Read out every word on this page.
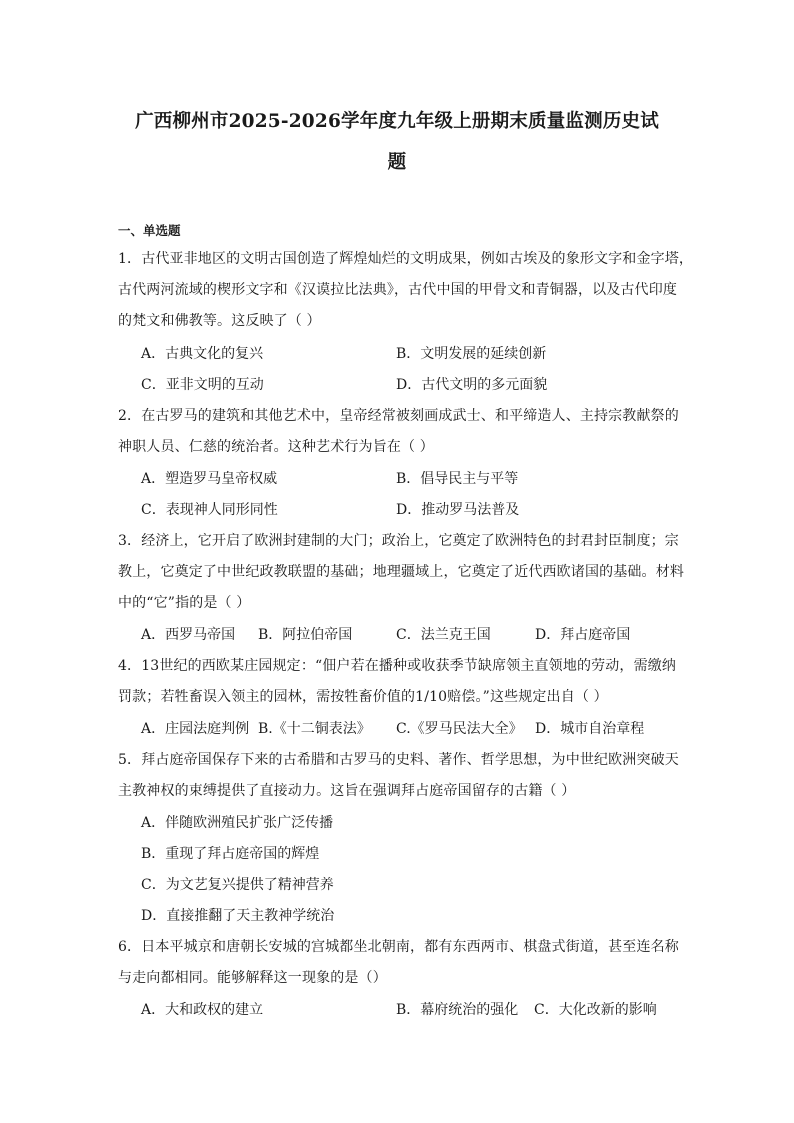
广西柳州市2025-2026学年度九年级上册期末质量监测历史试
题
一、单选题
1．古代亚非地区的文明古国创造了辉煌灿烂的文明成果，例如古埃及的象形文字和金字塔，
古代两河流域的楔形文字和《汉谟拉比法典》，古代中国的甲骨文和青铜器，以及古代印度
的梵文和佛教等。这反映了（ ）
A．古典文化的复兴	B．文明发展的延续创新
C．亚非文明的互动	D．古代文明的多元面貌
2．在古罗马的建筑和其他艺术中，皇帝经常被刻画成武士、和平缔造人、主持宗教献祭的
神职人员、仁慈的统治者。这种艺术行为旨在（ ）
A．塑造罗马皇帝权威	B．倡导民主与平等
C．表现神人同形同性	D．推动罗马法普及
3．经济上，它开启了欧洲封建制的大门；政治上，它奠定了欧洲特色的封君封臣制度；宗
教上，它奠定了中世纪政教联盟的基础；地理疆域上，它奠定了近代西欧诸国的基础。材料
中的“它”指的是（ ）
A．西罗马帝国 B．阿拉伯帝国	C．法兰克王国	D．拜占庭帝国
4．13世纪的西欧某庄园规定：“佃户若在播种或收获季节缺席领主直领地的劳动，需缴纳
罚款；若牲畜误入领主的园林，需按牲畜价值的1/10赔偿。”这些规定出自（ ）
A．庄园法庭判例 B.《十二铜表法》 C.《罗马民法大全》 D．城市自治章程
5．拜占庭帝国保存下来的古希腊和古罗马的史料、著作、哲学思想，为中世纪欧洲突破天
主教神权的束缚提供了直接动力。这旨在强调拜占庭帝国留存的古籍（ ）
A．伴随欧洲殖民扩张广泛传播
B．重现了拜占庭帝国的辉煌
C．为文艺复兴提供了精神营养
D．直接推翻了天主教神学统治
6．日本平城京和唐朝长安城的宫城都坐北朝南，都有东西两市、棋盘式街道，甚至连名称
与走向都相同。能够解释这一现象的是（）
A．大和政权的建立	B．幕府统治的强化 C．大化改新的影响
